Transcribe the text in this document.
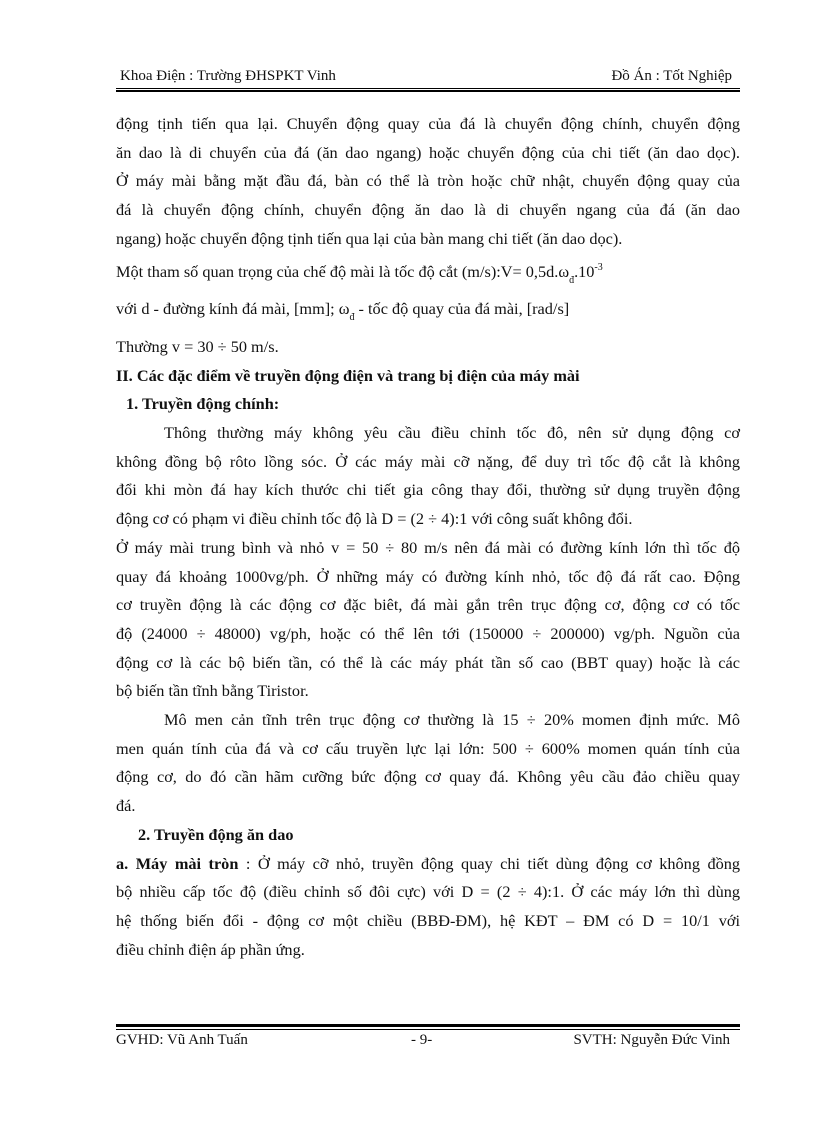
Khoa Điện : Trường ĐHSPKT Vinh	Đồ Án : Tốt Nghiệp

động tịnh tiến qua lại. Chuyển động quay của đá là chuyển động chính, chuyển động

ăn dao là di chuyển của đá (ăn dao ngang) hoặc chuyển động của chi tiết (ăn dao dọc).

Ở máy mài bằng mặt đầu đá, bàn có thể là tròn hoặc chữ nhật, chuyển động quay của

đá là chuyển động chính, chuyển động ăn dao là di chuyển ngang của đá (ăn dao

ngang) hoặc chuyển động tịnh tiến qua lại của bàn mang chi tiết (ăn dao dọc).

Một tham số quan trọng của chế độ mài là tốc độ cắt (m/s):V= $0,5d.\omega_đ.10^{-3}$

với d - đường kính đá mài, [mm]; $\omega_đ$ - tốc độ quay của đá mài, [rad/s]

Thường v = 30 ÷ 50 m/s.

II. Các đặc điểm về truyền động điện và trang bị điện của máy mài

1. Truyền động chính:

Thông thường máy không yêu cầu điều chỉnh tốc đô, nên sử dụng động cơ

không đồng bộ rôto lồng sóc. Ở các máy mài cỡ nặng, để duy trì tốc độ cắt là không

đổi khi mòn đá hay kích thước chi tiết gia công thay đổi, thường sử dụng truyền động

động cơ có phạm vi điều chỉnh tốc độ là D = (2 ÷ 4):1 với công suất không đổi.

Ở máy mài trung bình và nhỏ v = 50 ÷ 80 m/s nên đá mài có đường kính lớn thì tốc độ

quay đá khoảng 1000vg/ph. Ở những máy có đường kính nhỏ, tốc độ đá rất cao. Động

cơ truyền động là các động cơ đặc biêt, đá mài gắn trên trục động cơ, động cơ có tốc

độ (24000 ÷ 48000) vg/ph, hoặc có thể lên tới (150000 ÷ 200000) vg/ph. Nguồn của

động cơ là các bộ biến tần, có thể là các máy phát tần số cao (BBT quay) hoặc là các

bộ biến tần tĩnh bằng Tiristor.

Mô men cản tĩnh trên trục động cơ thường là 15 ÷ 20% momen định mức. Mô

men quán tính của đá và cơ cấu truyền lực lại lớn: 500 ÷ 600% momen quán tính của

động cơ, do đó cần hãm cưỡng bức động cơ quay đá. Không yêu cầu đảo chiều quay

đá.

2. Truyền động ăn dao

a. Máy mài tròn : Ở máy cỡ nhỏ, truyền động quay chi tiết dùng động cơ không đồng

bộ nhiều cấp tốc độ (điều chỉnh số đôi cực) với D = (2 ÷ 4):1. Ở các máy lớn thì dùng

hệ thống biến đổi - động cơ một chiều (BBĐ-ĐM), hệ KĐT – ĐM có D = 10/1 với

điều chỉnh điện áp phần ứng.

GVHD: Vũ Anh Tuấn	- 9-	SVTH: Nguyễn Đức Vinh
